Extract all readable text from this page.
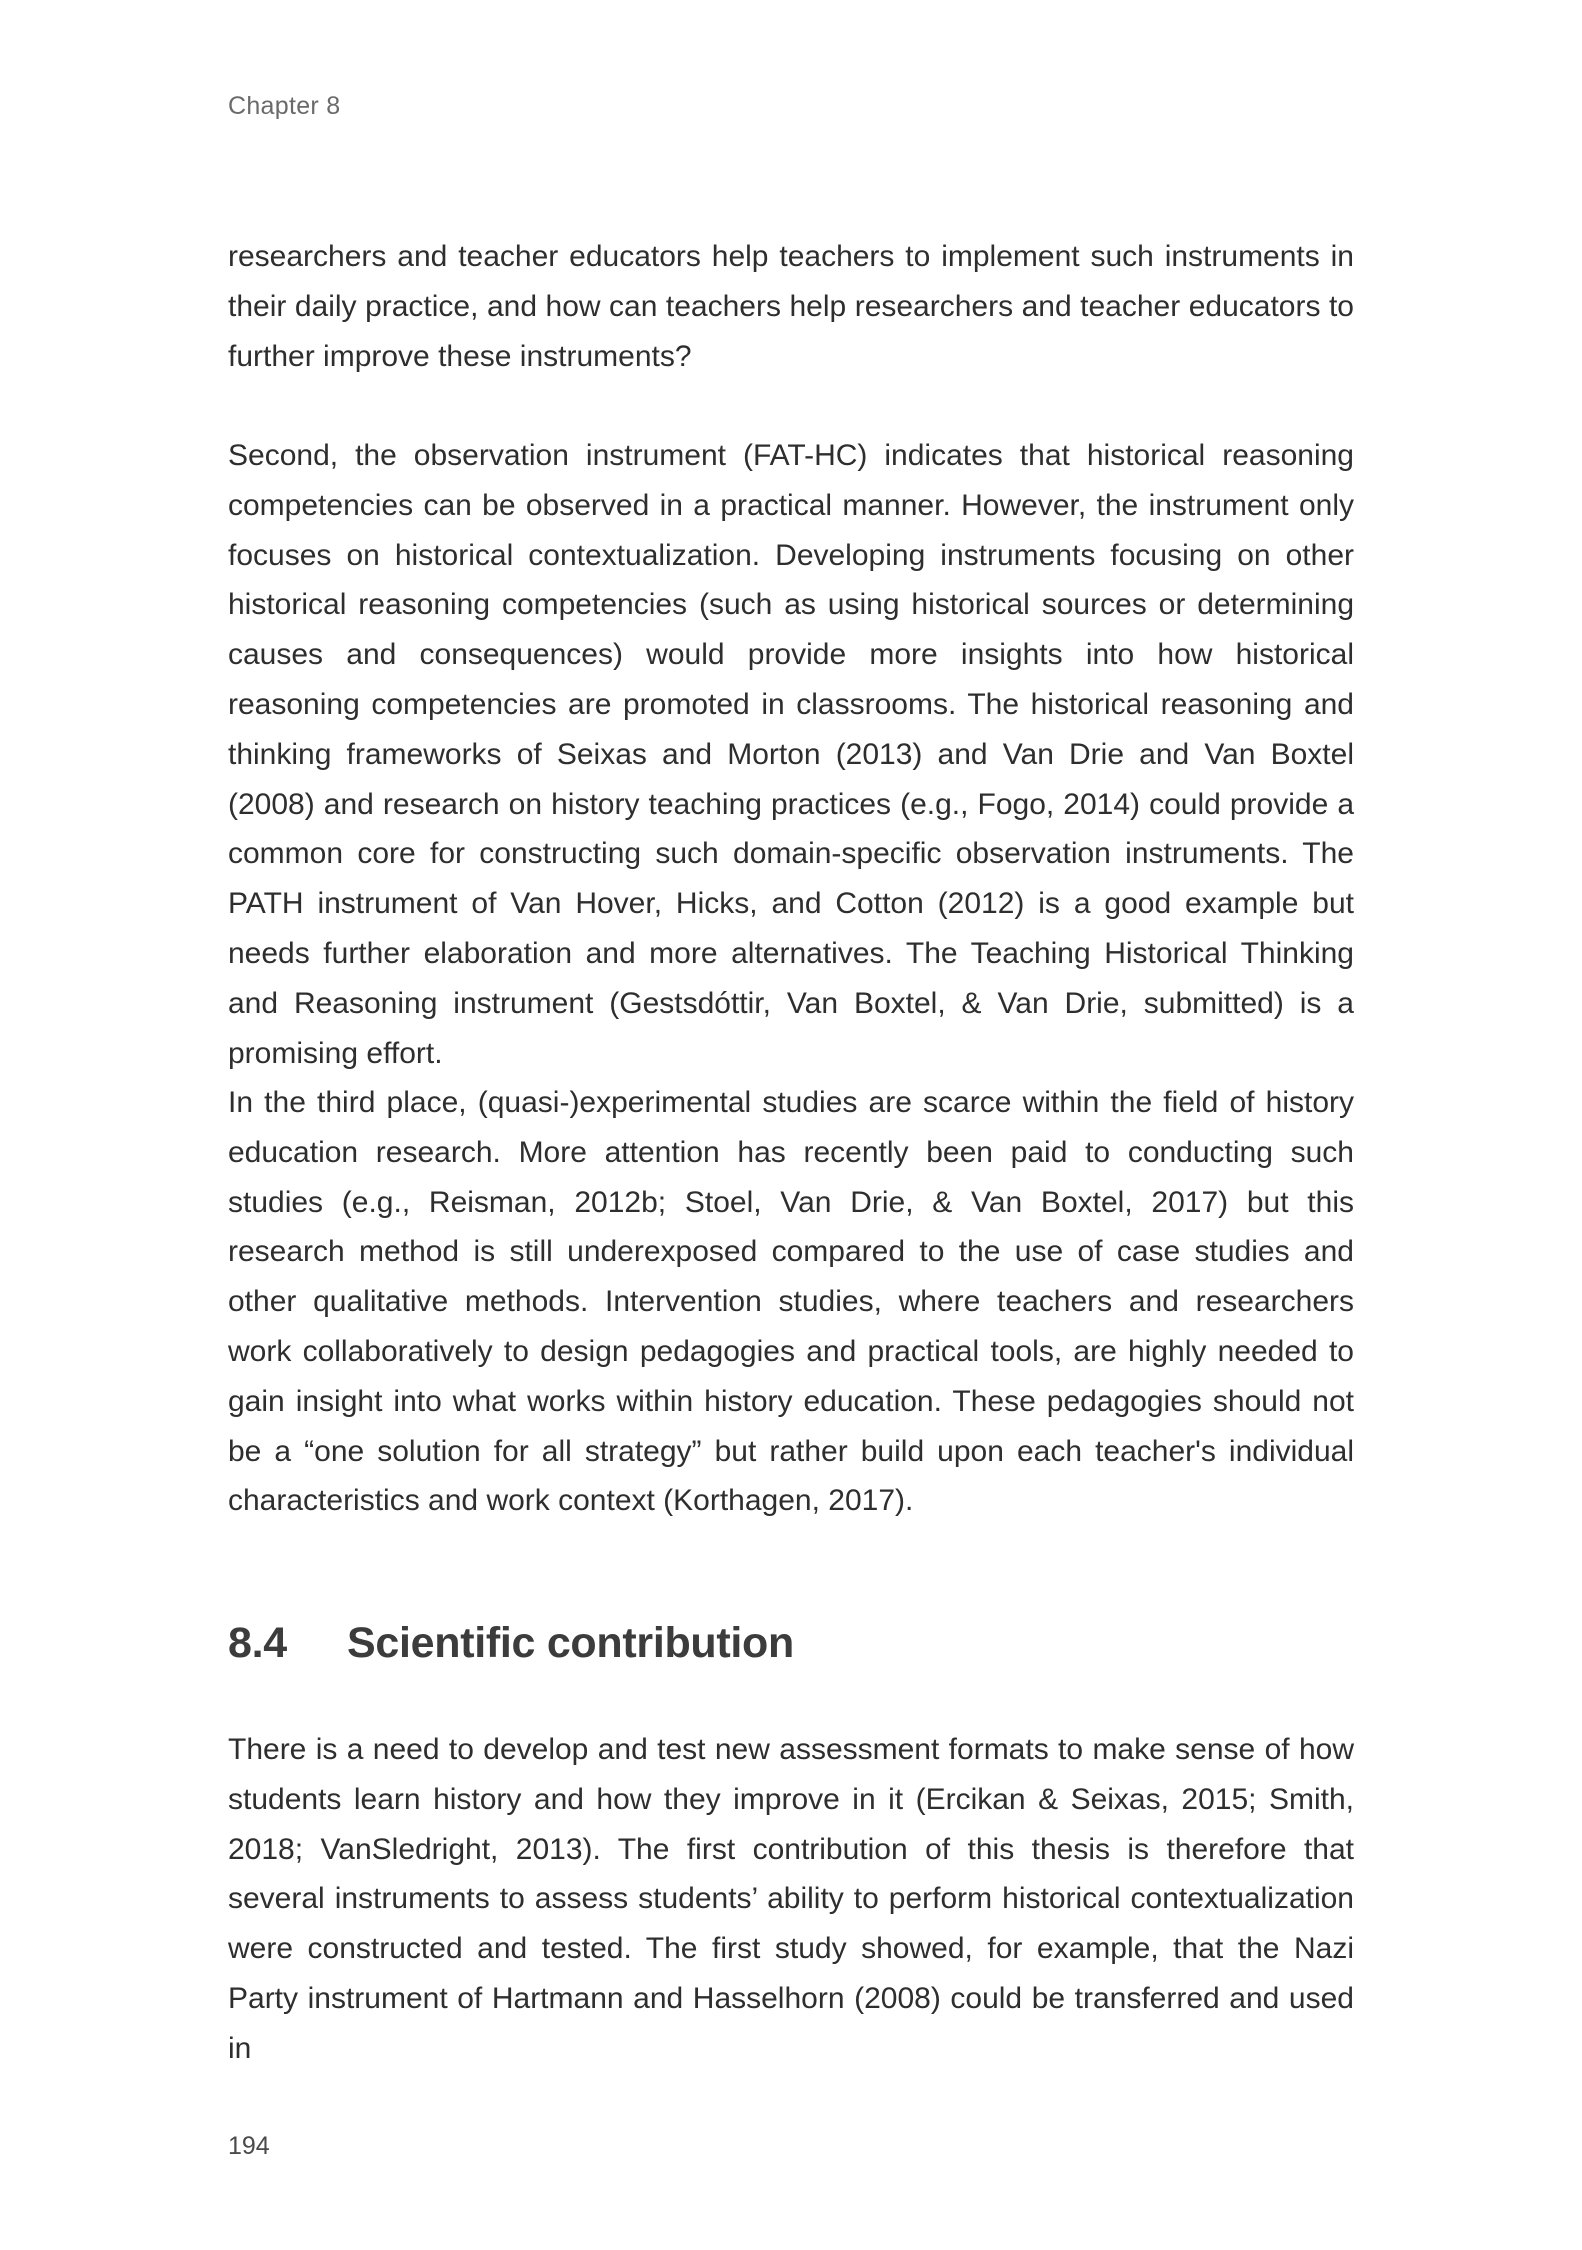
Chapter 8

researchers and teacher educators help teachers to implement such instruments in their daily practice, and how can teachers help researchers and teacher educators to further improve these instruments?

Second, the observation instrument (FAT-HC) indicates that historical reasoning competencies can be observed in a practical manner. However, the instrument only focuses on historical contextualization. Developing instruments focusing on other historical reasoning competencies (such as using historical sources or determining causes and consequences) would provide more insights into how historical reasoning competencies are promoted in classrooms. The historical reasoning and thinking frameworks of Seixas and Morton (2013) and Van Drie and Van Boxtel (2008) and research on history teaching practices (e.g., Fogo, 2014) could provide a common core for constructing such domain-specific observation instruments. The PATH instrument of Van Hover, Hicks, and Cotton (2012) is a good example but needs further elaboration and more alternatives. The Teaching Historical Thinking and Reasoning instrument (Gestsdóttir, Van Boxtel, & Van Drie, submitted) is a promising effort.

In the third place, (quasi-)experimental studies are scarce within the field of history education research. More attention has recently been paid to conducting such studies (e.g., Reisman, 2012b; Stoel, Van Drie, & Van Boxtel, 2017) but this research method is still underexposed compared to the use of case studies and other qualitative methods. Intervention studies, where teachers and researchers work collaboratively to design pedagogies and practical tools, are highly needed to gain insight into what works within history education. These pedagogies should not be a “one solution for all strategy” but rather build upon each teacher's individual characteristics and work context (Korthagen, 2017).

8.4 Scientific contribution

There is a need to develop and test new assessment formats to make sense of how students learn history and how they improve in it (Ercikan & Seixas, 2015; Smith, 2018; VanSledright, 2013). The first contribution of this thesis is therefore that several instruments to assess students’ ability to perform historical contextualization were constructed and tested. The first study showed, for example, that the Nazi Party instrument of Hartmann and Hasselhorn (2008) could be transferred and used in

194
